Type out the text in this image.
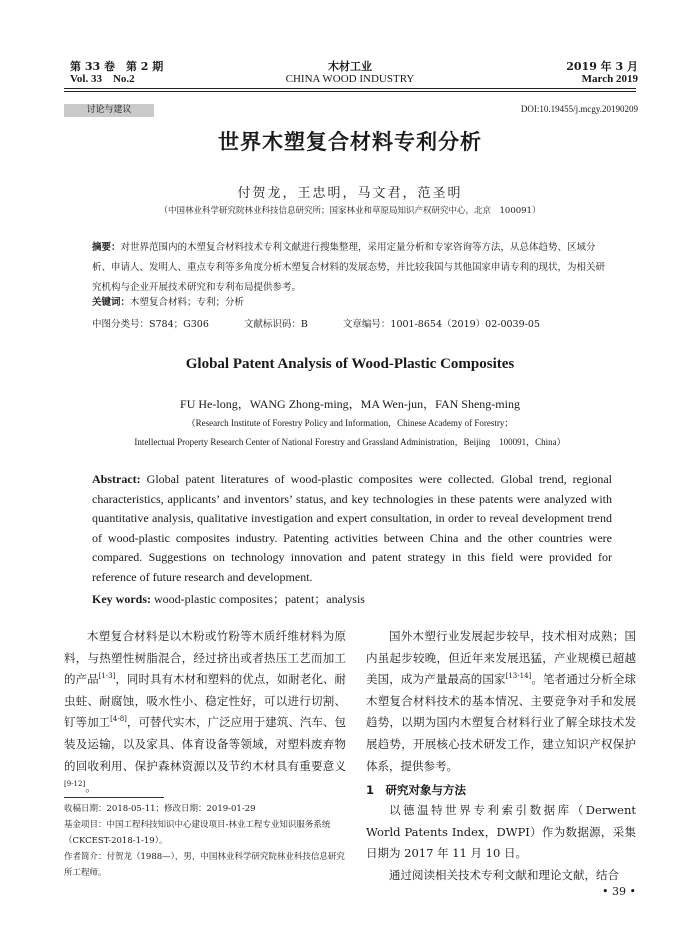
第 33 卷　第 2 期
Vol. 33　No.2
木材工业
CHINA WOOD INDUSTRY
2019 年 3 月
March 2019
讨论与建议	DOI:10.19455/j.mcgy.20190209
世界木塑复合材料专利分析
付贺龙，王忠明，马文君，范圣明
（中国林业科学研究院林业科技信息研究所；国家林业和草原局知识产权研究中心，北京　100091）
摘要：对世界范围内的木塑复合材料技术专利文献进行搜集整理，采用定量分析和专家咨询等方法，从总体趋势、区域分析、申请人、发明人、重点专利等多角度分析木塑复合材料的发展态势，并比较我国与其他国家申请专利的现状，为相关研究机构与企业开展技术研究和专利布局提供参考。
关键词：木塑复合材料；专利；分析
中图分类号：S784；G306	文献标识码：B	文章编号：1001-8654（2019）02-0039-05
Global Patent Analysis of Wood-Plastic Composites
FU He-long，WANG Zhong-ming，MA Wen-jun，FAN Sheng-ming
（Research Institute of Forestry Policy and Information，Chinese Academy of Forestry；
Intellectual Property Research Center of National Forestry and Grassland Administration，Beijing　100091，China）
Abstract: Global patent literatures of wood-plastic composites were collected. Global trend, regional characteristics, applicants’ and inventors’ status, and key technologies in these patents were analyzed with quantitative analysis, qualitative investigation and expert consultation, in order to reveal development trend of wood-plastic composites industry. Patenting activities between China and the other countries were compared. Suggestions on technology innovation and patent strategy in this field were provided for reference of future research and development.
Key words: wood-plastic composites；patent；analysis

木塑复合材料是以木粉或竹粉等木质纤维材料为原料，与热塑性树脂混合，经过挤出或者热压工艺而加工的产品[1-3]，同时具有木材和塑料的优点，如耐老化、耐虫蛀、耐腐蚀，吸水性小、稳定性好，可以进行切割、钉等加工[4-8]，可替代实木，广泛应用于建筑、汽车、包装及运输，以及家具、体育设备等领域，对塑料废弃物的回收利用、保护森林资源以及节约木材具有重要意义[9-12]。

收稿日期：2018-05-11；修改日期：2019-01-29
基金项目：中国工程科技知识中心建设项目-林业工程专业知识服务系统（CKCEST-2018-1-19）。
作者简介：付贺龙（1988—），男，中国林业科学研究院林业科技信息研究所工程师。

国外木塑行业发展起步较早，技术相对成熟；国内虽起步较晚，但近年来发展迅猛，产业规模已超越美国，成为产量最高的国家[13-14]。笔者通过分析全球木塑复合材料技术的基本情况、主要竞争对手和发展趋势，以期为国内木塑复合材料行业了解全球技术发展趋势，开展核心技术研发工作，建立知识产权保护体系，提供参考。

1　研究对象与方法

以德温特世界专利索引数据库（Derwent World Patents Index，DWPI）作为数据源，采集日期为 2017 年 11 月 10 日。

通过阅读相关技术专利文献和理论文献，结合

• 39 •
